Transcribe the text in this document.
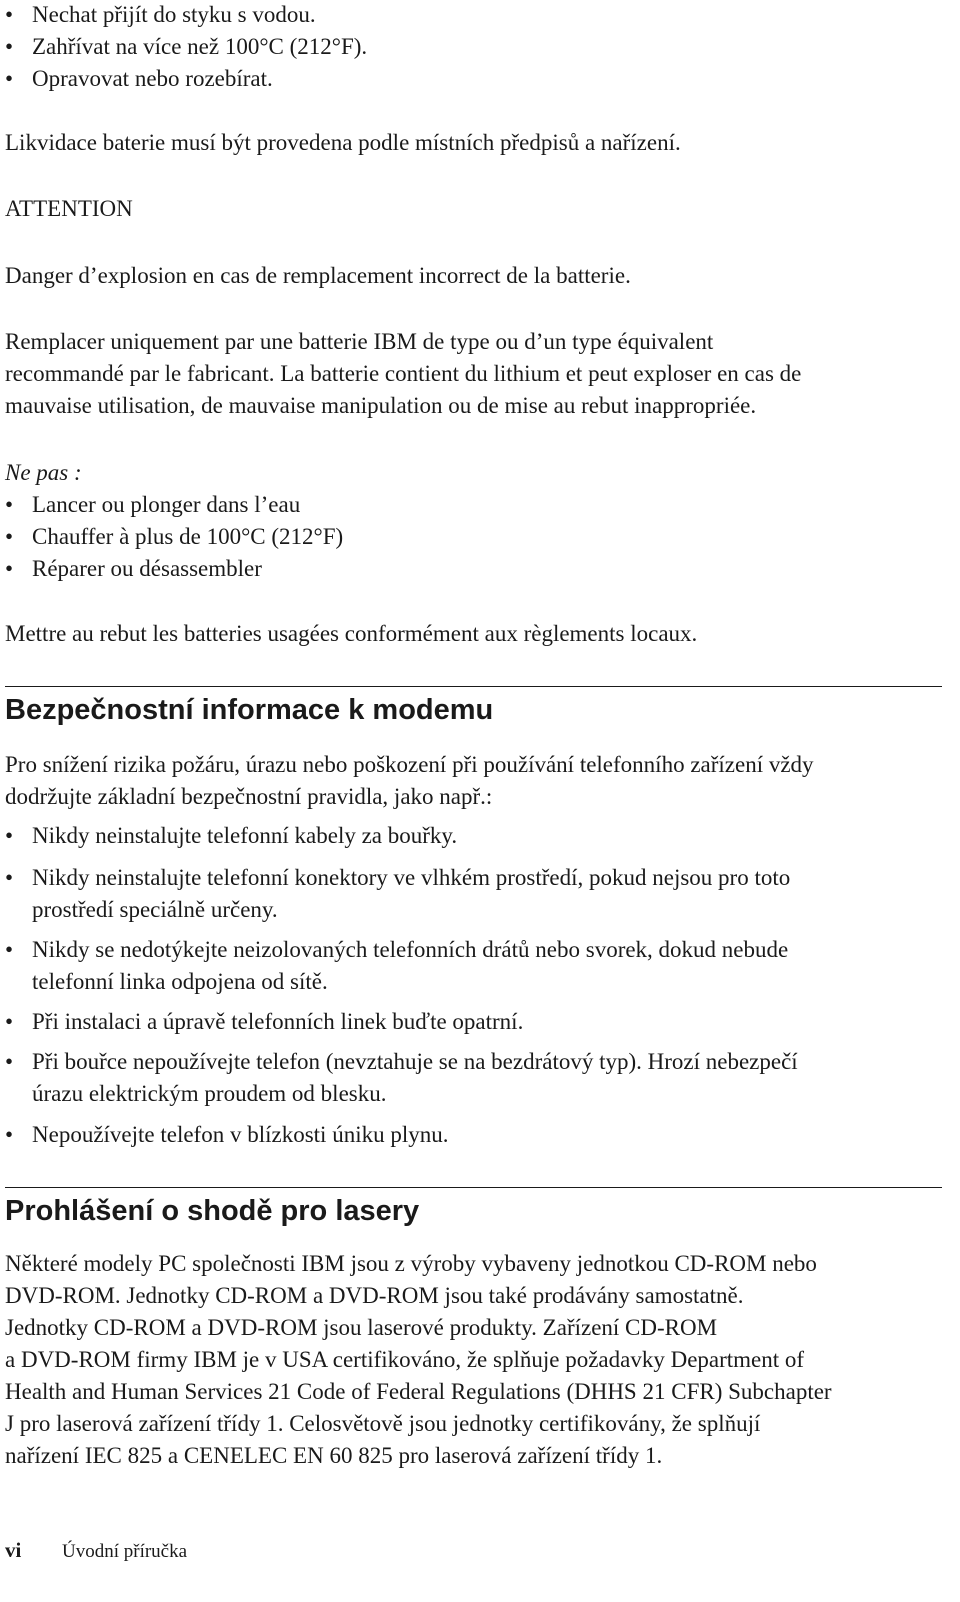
• Nechat přijít do styku s vodou.
• Zahřívat na více než 100°C (212°F).
• Opravovat nebo rozebírat.

Likvidace baterie musí být provedena podle místních předpisů a nařízení.

ATTENTION

Danger d’explosion en cas de remplacement incorrect de la batterie.

Remplacer uniquement par une batterie IBM de type ou d’un type équivalent

recommandé par le fabricant. La batterie contient du lithium et peut exploser en cas de

mauvaise utilisation, de mauvaise manipulation ou de mise au rebut inappropriée.

Ne pas :

• Lancer ou plonger dans l’eau
• Chauffer à plus de 100°C (212°F)
• Réparer ou désassembler

Mettre au rebut les batteries usagées conformément aux règlements locaux.

Bezpečnostní informace k modemu

Pro snížení rizika požáru, úrazu nebo poškození při používání telefonního zařízení vždy

dodržujte základní bezpečnostní pravidla, jako např.:

• Nikdy neinstalujte telefonní kabely za bouřky.
• Nikdy neinstalujte telefonní konektory ve vlhkém prostředí, pokud nejsou pro toto
prostředí speciálně určeny.
• Nikdy se nedotýkejte neizolovaných telefonních drátů nebo svorek, dokud nebude
telefonní linka odpojena od sítě.
• Při instalaci a úpravě telefonních linek buďte opatrní.
• Při bouřce nepoužívejte telefon (nevztahuje se na bezdrátový typ). Hrozí nebezpečí
úrazu elektrickým proudem od blesku.
• Nepoužívejte telefon v blízkosti úniku plynu.
Prohlášení o shodě pro lasery

Některé modely PC společnosti IBM jsou z výroby vybaveny jednotkou CD-ROM nebo

DVD-ROM. Jednotky CD-ROM a DVD-ROM jsou také prodávány samostatně.

Jednotky CD-ROM a DVD-ROM jsou laserové produkty. Zařízení CD-ROM

a DVD-ROM firmy IBM je v USA certifikováno, že splňuje požadavky Department of

Health and Human Services 21 Code of Federal Regulations (DHHS 21 CFR) Subchapter

J pro laserová zařízení třídy 1. Celosvětově jsou jednotky certifikovány, že splňují

nařízení IEC 825 a CENELEC EN 60 825 pro laserová zařízení třídy 1.

vi Úvodní příručka
